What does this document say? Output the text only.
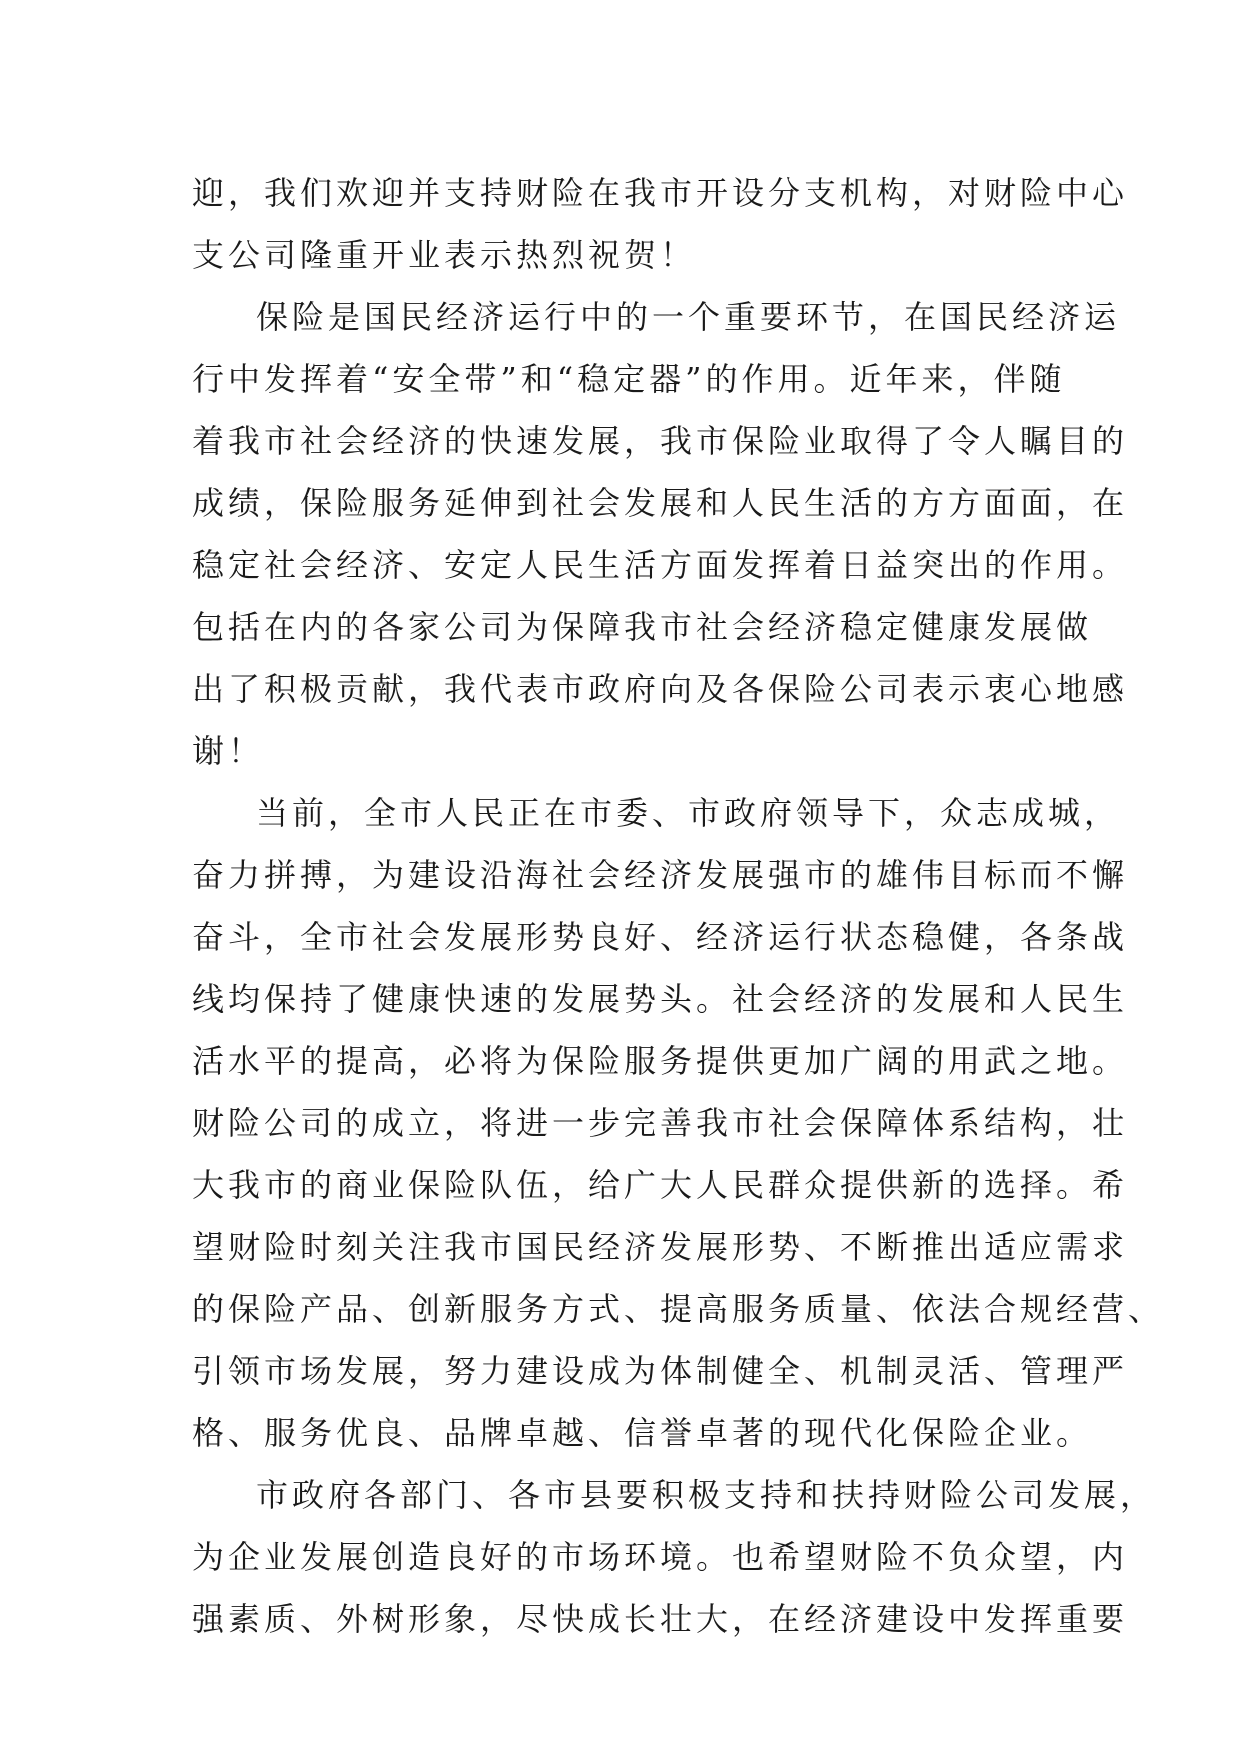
迎，我们欢迎并支持财险在我市开设分支机构，对财险中心
支公司隆重开业表示热烈祝贺！
保险是国民经济运行中的一个重要环节，在国民经济运
行中发挥着“安全带”和“稳定器”的作用。近年来，伴随
着我市社会经济的快速发展，我市保险业取得了令人瞩目的
成绩，保险服务延伸到社会发展和人民生活的方方面面，在
稳定社会经济、安定人民生活方面发挥着日益突出的作用。
包括在内的各家公司为保障我市社会经济稳定健康发展做
出了积极贡献，我代表市政府向及各保险公司表示衷心地感
谢！
当前，全市人民正在市委、市政府领导下，众志成城，
奋力拼搏，为建设沿海社会经济发展强市的雄伟目标而不懈
奋斗，全市社会发展形势良好、经济运行状态稳健，各条战
线均保持了健康快速的发展势头。社会经济的发展和人民生
活水平的提高，必将为保险服务提供更加广阔的用武之地。
财险公司的成立，将进一步完善我市社会保障体系结构，壮
大我市的商业保险队伍，给广大人民群众提供新的选择。希
望财险时刻关注我市国民经济发展形势、不断推出适应需求
的保险产品、创新服务方式、提高服务质量、依法合规经营、
引领市场发展，努力建设成为体制健全、机制灵活、管理严
格、服务优良、品牌卓越、信誉卓著的现代化保险企业。
市政府各部门、各市县要积极支持和扶持财险公司发展，
为企业发展创造良好的市场环境。也希望财险不负众望，内
强素质、外树形象，尽快成长壮大，在经济建设中发挥重要
